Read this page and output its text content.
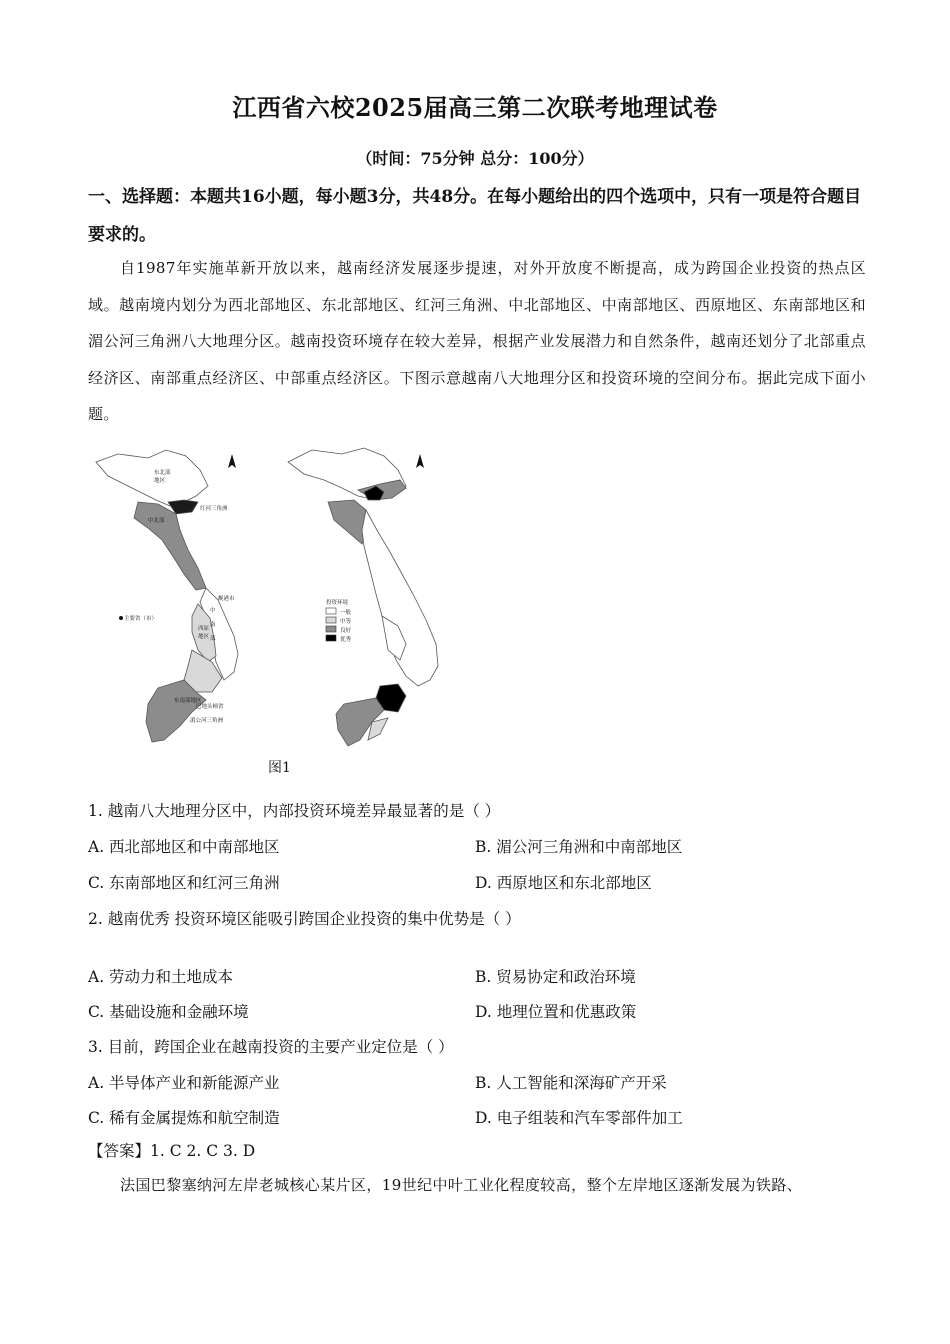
江西省六校2025届高三第二次联考地理试卷
（时间：75分钟 总分：100分）
一、选择题：本题共16小题，每小题3分，共48分。在每小题给出的四个选项中，只有一项是符合题目要求的。
自1987年实施革新开放以来，越南经济发展逐步提速，对外开放度不断提高，成为跨国企业投资的热点区域。越南境内划分为西北部地区、东北部地区、红河三角洲、中北部地区、中南部地区、西原地区、东南部地区和湄公河三角洲八大地理分区。越南投资环境存在较大差异，根据产业发展潜力和自然条件，越南还划分了北部重点经济区、南部重点经济区、中部重点经济区。下图示意越南八大地理分区和投资环境的空间分布。据此完成下面小题。
东北部
地区
红河三角洲
中北部
岘港市
中
南
部
西原
地区
东南部地区
巴地头顿省
湄公河三角洲
主要省（市）
投资环境
一般
中等
良好
优秀
图1
1. 越南八大地理分区中，内部投资环境差异最显著的是（ ）
A. 西北部地区和中南部地区	B. 湄公河三角洲和中南部地区
C. 东南部地区和红河三角洲	D. 西原地区和东北部地区
2. 越南优秀 投资环境区能吸引跨国企业投资的集中优势是（ ）
A. 劳动力和土地成本	B. 贸易协定和政治环境
C. 基础设施和金融环境	D. 地理位置和优惠政策
3. 目前，跨国企业在越南投资的主要产业定位是（ ）
A. 半导体产业和新能源产业	B. 人工智能和深海矿产开采
C. 稀有金属提炼和航空制造	D. 电子组装和汽车零部件加工
【答案】1. C 2. C 3. D
法国巴黎塞纳河左岸老城核心某片区，19世纪中叶工业化程度较高，整个左岸地区逐渐发展为铁路、
